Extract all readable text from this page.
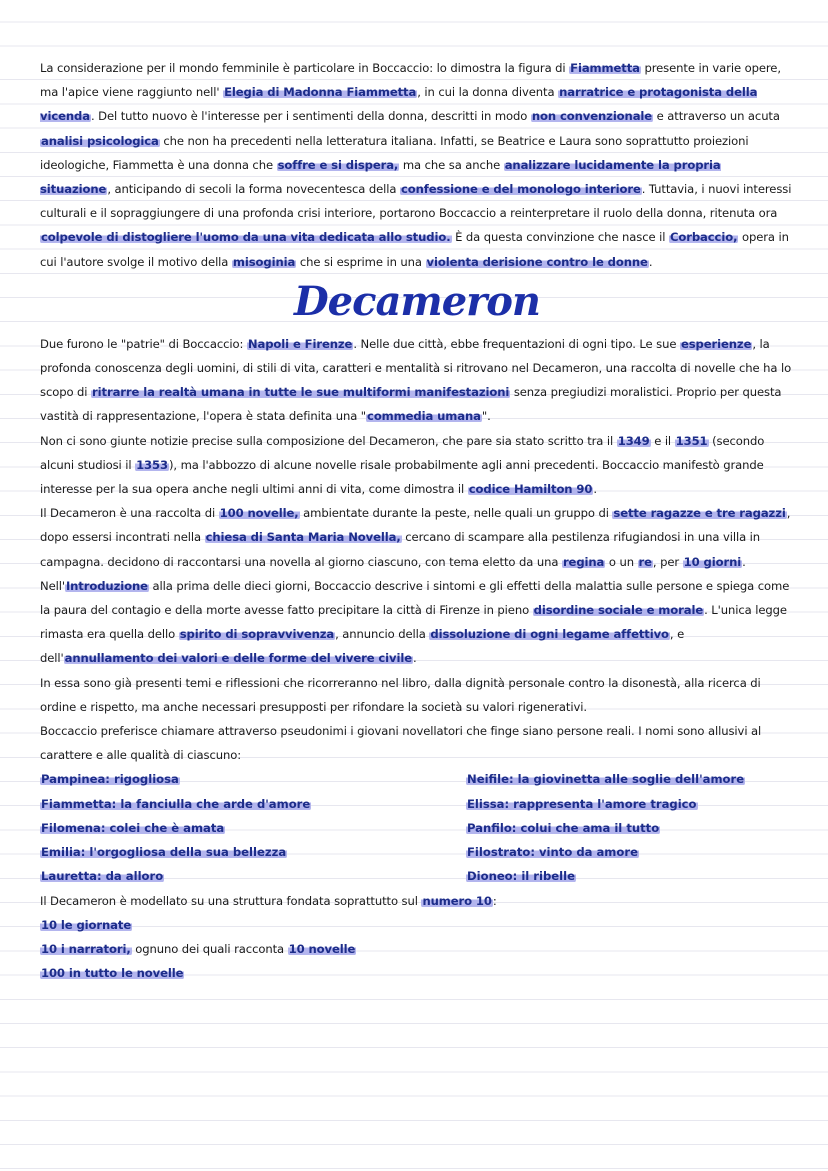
La considerazione per il mondo femminile è particolare in Boccaccio: lo dimostra la figura di Fiammetta presente in varie opere, ma l'apice viene raggiunto nell' Elegia di Madonna Fiammetta, in cui la donna diventa narratrice e protagonista della vicenda. Del tutto nuovo è l'interesse per i sentimenti della donna, descritti in modo non convenzionale e attraverso un acuta analisi psicologica che non ha precedenti nella letteratura italiana. Infatti, se Beatrice e Laura sono soprattutto proiezioni ideologiche, Fiammetta è una donna che soffre e si dispera, ma che sa anche analizzare lucidamente la propria situazione, anticipando di secoli la forma novecentesca della confessione e del monologo interiore. Tuttavia, i nuovi interessi culturali e il sopraggiungere di una profonda crisi interiore, portarono Boccaccio a reinterpretare il ruolo della donna, ritenuta ora colpevole di distogliere l'uomo da una vita dedicata allo studio. È da questa convinzione che nasce il Corbaccio, opera in cui l'autore svolge il motivo della misoginia che si esprime in una violenta derisione contro le donne.

Decameron

Due furono le "patrie" di Boccaccio: Napoli e Firenze. Nelle due città, ebbe frequentazioni di ogni tipo. Le sue esperienze, la profonda conoscenza degli uomini, di stili di vita, caratteri e mentalità si ritrovano nel Decameron, una raccolta di novelle che ha lo scopo di ritrarre la realtà umana in tutte le sue multiformi manifestazioni senza pregiudizi moralistici. Proprio per questa vastità di rappresentazione, l'opera è stata definita una "commedia umana".

Non ci sono giunte notizie precise sulla composizione del Decameron, che pare sia stato scritto tra il 1349 e il 1351 (secondo alcuni studiosi il 1353), ma l'abbozzo di alcune novelle risale probabilmente agli anni precedenti. Boccaccio manifestò grande interesse per la sua opera anche negli ultimi anni di vita, come dimostra il codice Hamilton 90.

Il Decameron è una raccolta di 100 novelle, ambientate durante la peste, nelle quali un gruppo di sette ragazze e tre ragazzi, dopo essersi incontrati nella chiesa di Santa Maria Novella, cercano di scampare alla pestilenza rifugiandosi in una villa in campagna. decidono di raccontarsi una novella al giorno ciascuno, con tema eletto da una regina o un re, per 10 giorni.

Nell'Introduzione alla prima delle dieci giorni, Boccaccio descrive i sintomi e gli effetti della malattia sulle persone e spiega come la paura del contagio e della morte avesse fatto precipitare la città di Firenze in pieno disordine sociale e morale. L'unica legge rimasta era quella dello spirito di sopravvivenza, annuncio della dissoluzione di ogni legame affettivo, e dell'annullamento dei valori e delle forme del vivere civile.

In essa sono già presenti temi e riflessioni che ricorreranno nel libro, dalla dignità personale contro la disonestà, alla ricerca di ordine e rispetto, ma anche necessari presupposti per rifondare la società su valori rigenerativi.

Boccaccio preferisce chiamare attraverso pseudonimi i giovani novellatori che finge siano persone reali. I nomi sono allusivi al carattere e alle qualità di ciascuno:

Pampinea: rigogliosa	Neifile: la giovinetta alle soglie dell'amore
Fiammetta: la fanciulla che arde d'amore	Elissa: rappresenta l'amore tragico
Filomena: colei che è amata	Panfilo: colui che ama il tutto
Emilia: l'orgogliosa della sua bellezza	Filostrato: vinto da amore
Lauretta: da alloro	Dioneo: il ribelle

Il Decameron è modellato su una struttura fondata soprattutto sul numero 10:

10 le giornate

10 i narratori, ognuno dei quali racconta 10 novelle

100 in tutto le novelle
